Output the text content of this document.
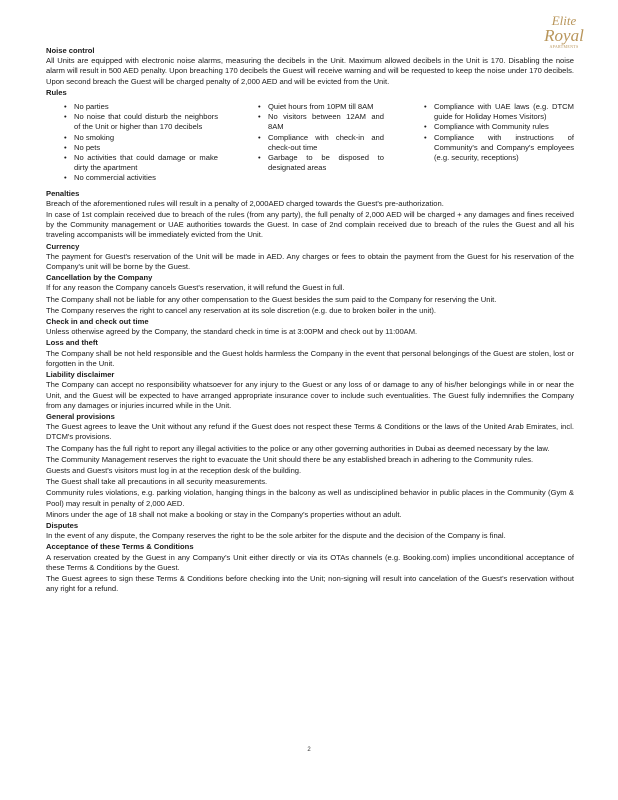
Elite
Royal
APARTMENTS
Noise control

All Units are equipped with electronic noise alarms, measuring the decibels in the Unit. Maximum allowed decibels in the Unit is 170. Disabling the noise alarm will result in 500 AED penalty. Upon breaching 170 decibels the Guest will receive warning and will be requested to keep the noise under 170 decibels. Upon second breach the Guest will be charged penalty of 2,000 AED and will be evicted from the Unit.

Rules
• No parties
• No noise that could disturb the neighbors of the Unit or higher than 170 decibels
• No smoking
• No pets
• No activities that could damage or make dirty the apartment
• No commercial activities
• Quiet hours from 10PM till 8AM
• No visitors between 12AM and 8AM
• Compliance with check-in and check-out time
• Garbage to be disposed to designated areas
• Compliance with UAE laws (e.g. DTCM guide for Holiday Homes Visitors)
• Compliance with Community rules
• Compliance with instructions of Community's and Company's employees (e.g. security, receptions)
Penalties

Breach of the aforementioned rules will result in a penalty of 2,000AED charged towards the Guest's pre-authorization.

In case of 1st complain received due to breach of the rules (from any party), the full penalty of 2,000 AED will be charged + any damages and fines received by the Community management or UAE authorities towards the Guest. In case of 2nd complain received due to breach of the rules the Guest and all his traveling accompanists will be immediately evicted from the Unit.

Currency

The payment for Guest's reservation of the Unit will be made in AED. Any charges or fees to obtain the payment from the Guest for his reservation of the Company's unit will be borne by the Guest.

Cancellation by the Company

If for any reason the Company cancels Guest's reservation, it will refund the Guest in full.

The Company shall not be liable for any other compensation to the Guest besides the sum paid to the Company for reserving the Unit.

The Company reserves the right to cancel any reservation at its sole discretion (e.g. due to broken boiler in the unit).

Check in and check out time

Unless otherwise agreed by the Company, the standard check in time is at 3:00PM and check out by 11:00AM.

Loss and theft

The Company shall be not held responsible and the Guest holds harmless the Company in the event that personal belongings of the Guest are stolen, lost or forgotten in the Unit.

Liability disclaimer

The Company can accept no responsibility whatsoever for any injury to the Guest or any loss of or damage to any of his/her belongings while in or near the Unit, and the Guest will be expected to have arranged appropriate insurance cover to include such eventualities. The Guest fully indemnifies the Company from any damages or injuries incurred while in the Unit.

General provisions

The Guest agrees to leave the Unit without any refund if the Guest does not respect these Terms & Conditions or the laws of the United Arab Emirates, incl. DTCM's provisions.

The Company has the full right to report any illegal activities to the police or any other governing authorities in Dubai as deemed necessary by the law.

The Community Management reserves the right to evacuate the Unit should there be any established breach in adhering to the Community rules.

Guests and Guest's visitors must log in at the reception desk of the building.

The Guest shall take all precautions in all security measurements.

Community rules violations, e.g. parking violation, hanging things in the balcony as well as undisciplined behavior in public places in the Community (Gym & Pool) may result in penalty of 2,000 AED.

Minors under the age of 18 shall not make a booking or stay in the Company's properties without an adult.

Disputes

In the event of any dispute, the Company reserves the right to be the sole arbiter for the dispute and the decision of the Company is final.

Acceptance of these Terms & Conditions

A reservation created by the Guest in any Company's Unit either directly or via its OTAs channels (e.g. Booking.com) implies unconditional acceptance of these Terms & Conditions by the Guest.

The Guest agrees to sign these Terms & Conditions before checking into the Unit; non-signing will result into cancelation of the Guest's reservation without any right for a refund.

2
